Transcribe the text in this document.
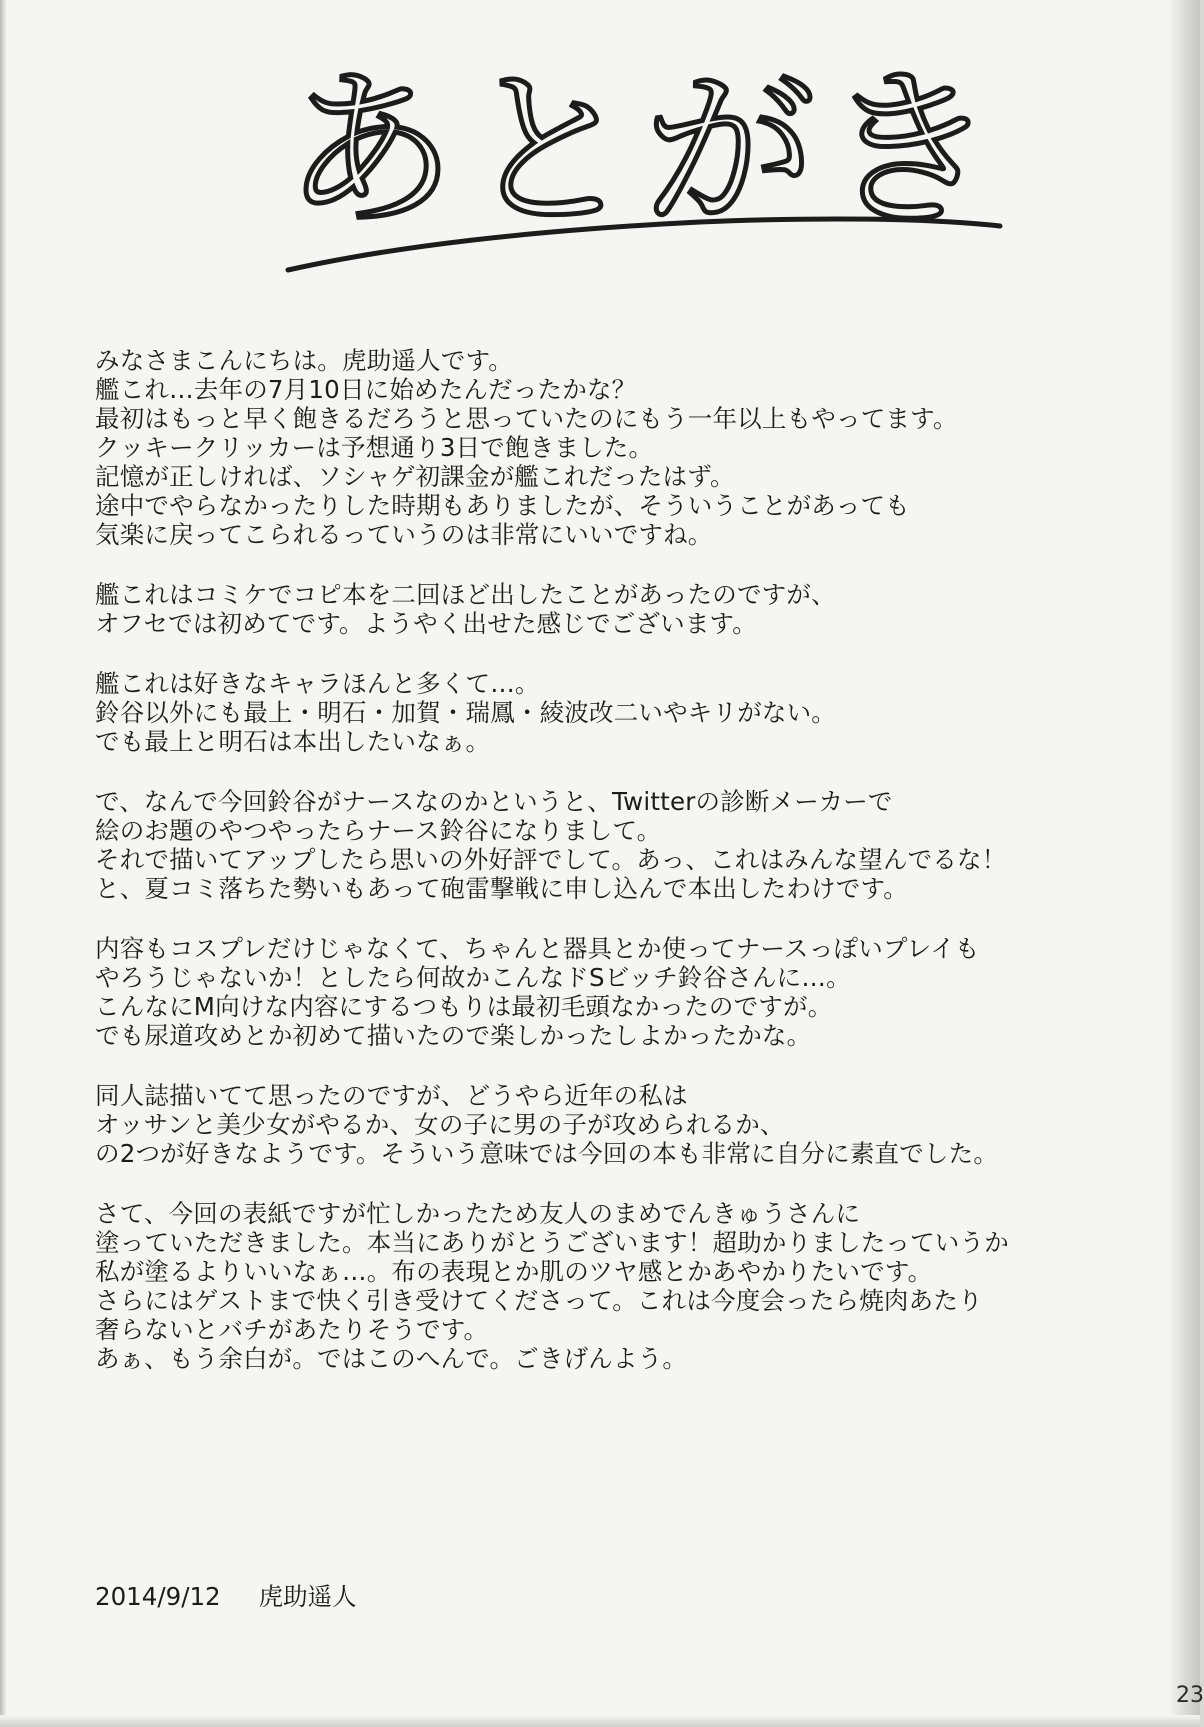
あとがき
みなさまこんにちは。虎助遥人です。
艦これ…去年の7月10日に始めたんだったかな？
最初はもっと早く飽きるだろうと思っていたのにもう一年以上もやってます。
クッキークリッカーは予想通り3日で飽きました。
記憶が正しければ、ソシャゲ初課金が艦これだったはず。
途中でやらなかったりした時期もありましたが、そういうことがあっても
気楽に戻ってこられるっていうのは非常にいいですね。
艦これはコミケでコピ本を二回ほど出したことがあったのですが、
オフセでは初めてです。ようやく出せた感じでございます。
艦これは好きなキャラほんと多くて…。
鈴谷以外にも最上・明石・加賀・瑞鳳・綾波改二いやキリがない。
でも最上と明石は本出したいなぁ。
で、なんで今回鈴谷がナースなのかというと、Twitterの診断メーカーで
絵のお題のやつやったらナース鈴谷になりまして。
それで描いてアップしたら思いの外好評でして。あっ、これはみんな望んでるな！
と、夏コミ落ちた勢いもあって砲雷撃戦に申し込んで本出したわけです。
内容もコスプレだけじゃなくて、ちゃんと器具とか使ってナースっぽいプレイも
やろうじゃないか！としたら何故かこんなドSビッチ鈴谷さんに…。
こんなにM向けな内容にするつもりは最初毛頭なかったのですが。
でも尿道攻めとか初めて描いたので楽しかったしよかったかな。
同人誌描いてて思ったのですが、どうやら近年の私は
オッサンと美少女がやるか、女の子に男の子が攻められるか、
の2つが好きなようです。そういう意味では今回の本も非常に自分に素直でした。
さて、今回の表紙ですが忙しかったため友人のまめでんきゅうさんに
塗っていただきました。本当にありがとうございます！超助かりましたっていうか
私が塗るよりいいなぁ…。布の表現とか肌のツヤ感とかあやかりたいです。
さらにはゲストまで快く引き受けてくださって。これは今度会ったら焼肉あたり
奢らないとバチがあたりそうです。
あぁ、もう余白が。ではこのへんで。ごきげんよう。
2014/9/12 虎助遥人
23
